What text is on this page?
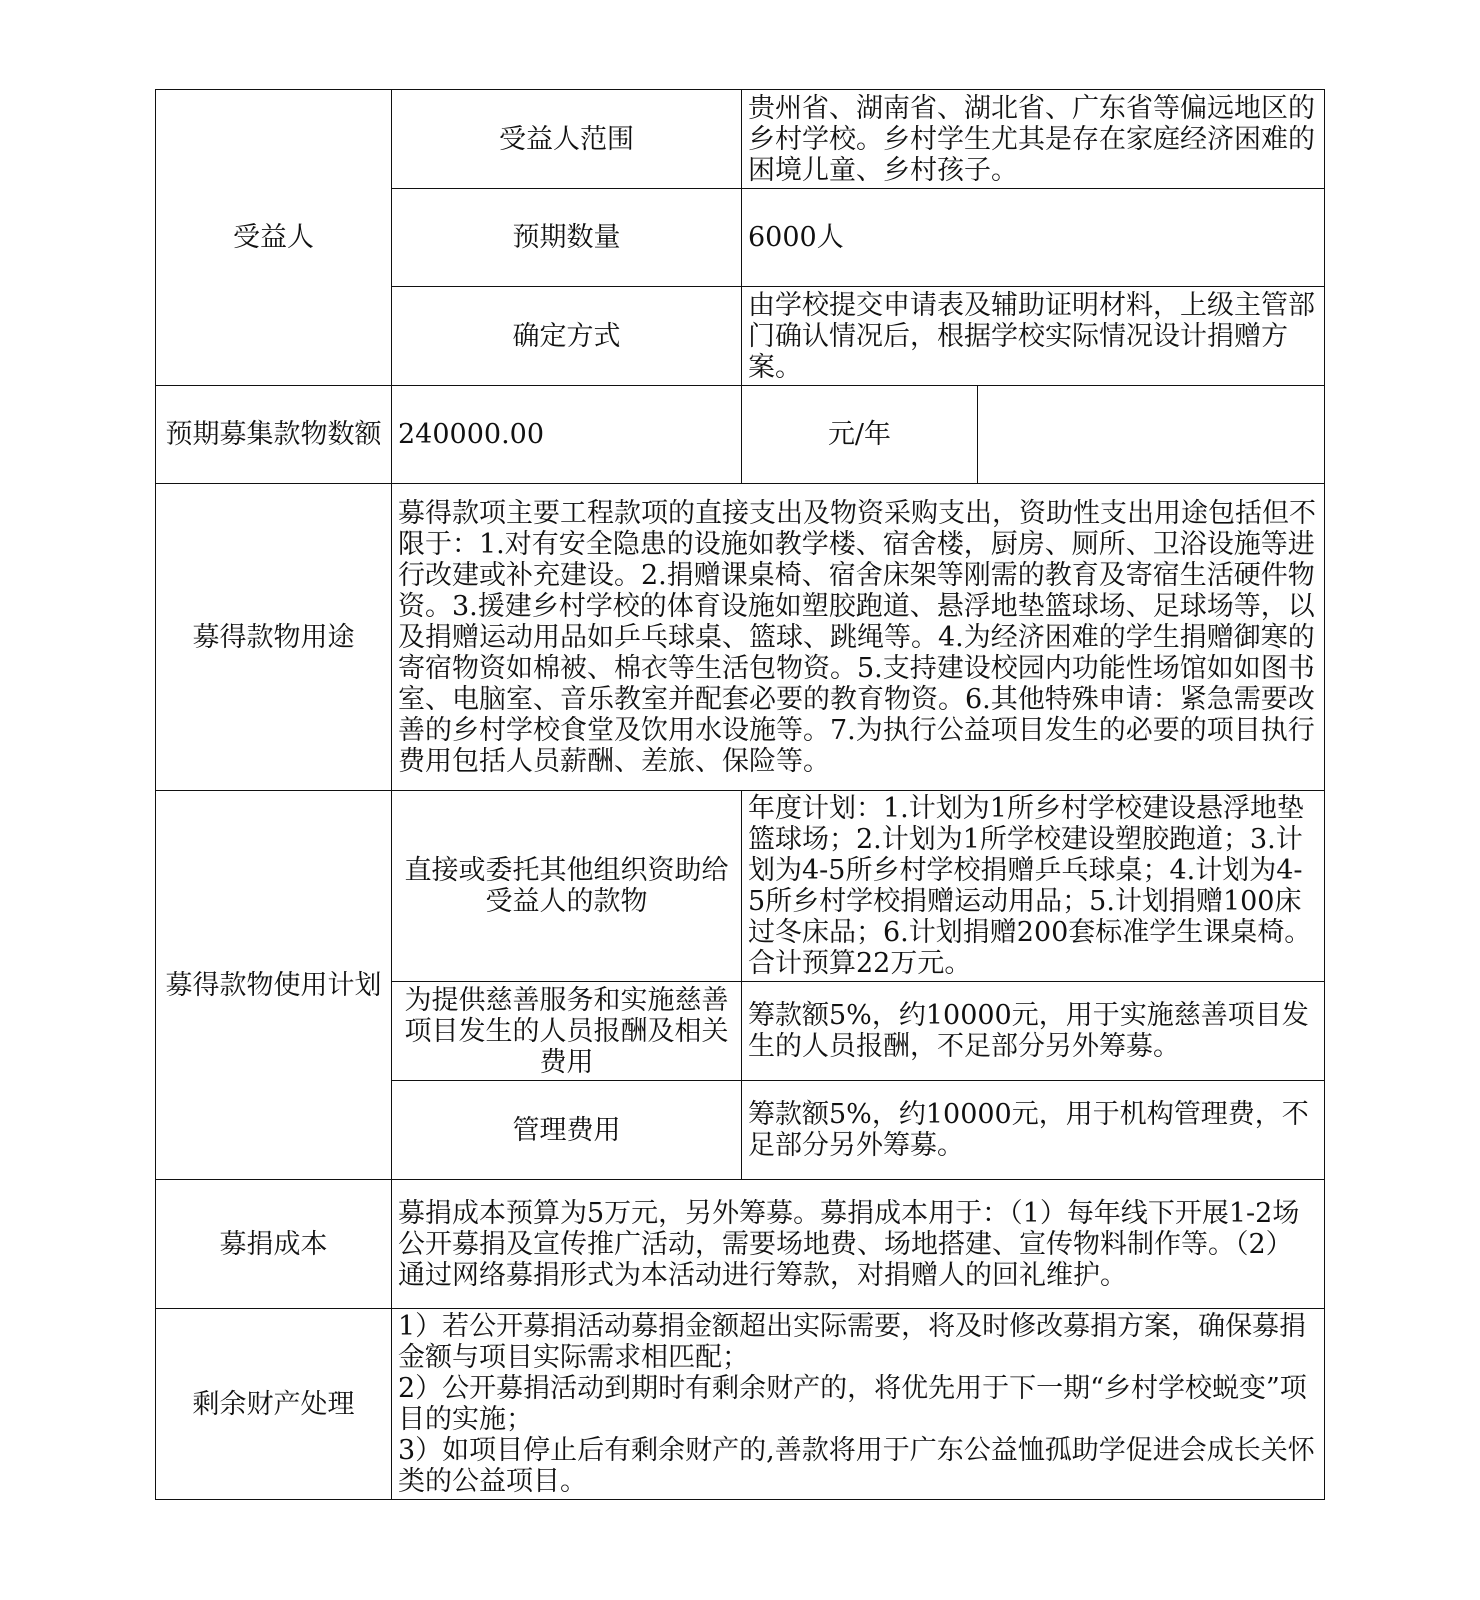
受益人	受益人范围	贵州省、湖南省、湖北省、广东省等偏远地区的乡村学校。乡村学生尤其是存在家庭经济困难的困境儿童、乡村孩子。	
	预期数量	6000人	
	确定方式	由学校提交申请表及辅助证明材料，上级主管部门确认情况后，根据学校实际情况设计捐赠方案。	
预期募集款物数额	240000.00	元/年	
募得款物用途	募得款项主要工程款项的直接支出及物资采购支出，资助性支出用途包括但不限于：1.对有安全隐患的设施如教学楼、宿舍楼，厨房、厕所、卫浴设施等进行改建或补充建设。2.捐赠课桌椅、宿舍床架等刚需的教育及寄宿生活硬件物资。3.援建乡村学校的体育设施如塑胶跑道、悬浮地垫篮球场、足球场等，以及捐赠运动用品如乒乓球桌、篮球、跳绳等。4.为经济困难的学生捐赠御寒的寄宿物资如棉被、棉衣等生活包物资。5.支持建设校园内功能性场馆如如图书室、电脑室、音乐教室并配套必要的教育物资。6.其他特殊申请：紧急需要改善的乡村学校食堂及饮用水设施等。7.为执行公益项目发生的必要的项目执行费用包括人员薪酬、差旅、保险等。		
募得款物使用计划	直接或委托其他组织资助给受益人的款物	年度计划：1.计划为1所乡村学校建设悬浮地垫篮球场；2.计划为1所学校建设塑胶跑道；3.计划为4-5所乡村学校捐赠乒乓球桌；4.计划为4-5所乡村学校捐赠运动用品；5.计划捐赠100床过冬床品；6.计划捐赠200套标准学生课桌椅。合计预算22万元。	
	为提供慈善服务和实施慈善项目发生的人员报酬及相关费用	筹款额5%，约10000元，用于实施慈善项目发生的人员报酬，不足部分另外筹募。	
	管理费用	筹款额5%，约10000元，用于机构管理费，不足部分另外筹募。	
募捐成本	募捐成本预算为5万元，另外筹募。募捐成本用于：（1）每年线下开展1-2场公开募捐及宣传推广活动，需要场地费、场地搭建、宣传物料制作等。（2）通过网络募捐形式为本活动进行筹款，对捐赠人的回礼维护。		
剩余财产处理	1）若公开募捐活动募捐金额超出实际需要，将及时修改募捐方案，确保募捐金额与项目实际需求相匹配；
2）公开募捐活动到期时有剩余财产的，将优先用于下一期“乡村学校蜕变”项目的实施；
3）如项目停止后有剩余财产的,善款将用于广东公益恤孤助学促进会成长关怀类的公益项目。		
